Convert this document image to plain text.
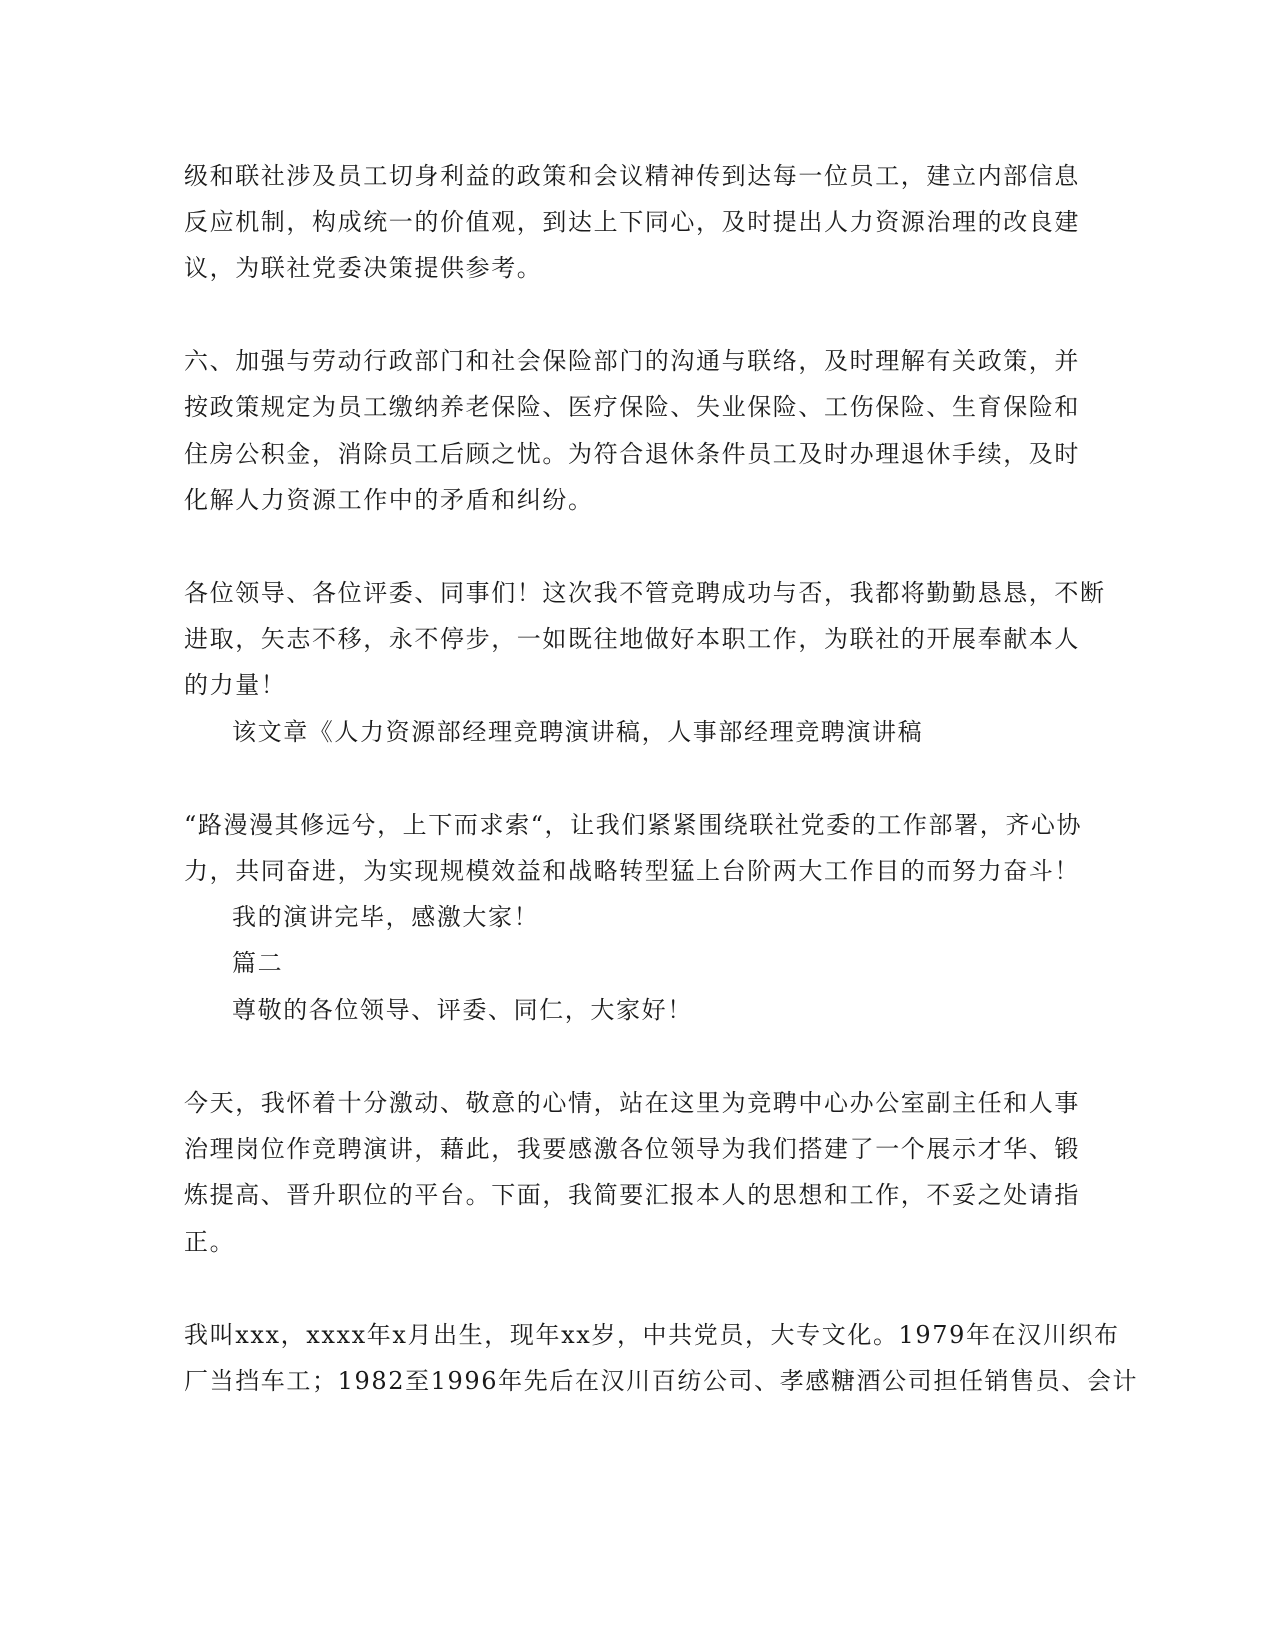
级和联社涉及员工切身利益的政策和会议精神传到达每一位员工，建立内部信息
反应机制，构成统一的价值观，到达上下同心，及时提出人力资源治理的改良建
议，为联社党委决策提供参考。
六、加强与劳动行政部门和社会保险部门的沟通与联络，及时理解有关政策，并
按政策规定为员工缴纳养老保险、医疗保险、失业保险、工伤保险、生育保险和
住房公积金，消除员工后顾之忧。为符合退休条件员工及时办理退休手续，及时
化解人力资源工作中的矛盾和纠纷。
各位领导、各位评委、同事们！这次我不管竞聘成功与否，我都将勤勤恳恳，不断
进取，矢志不移，永不停步，一如既往地做好本职工作，为联社的开展奉献本人
的力量！
该文章《人力资源部经理竞聘演讲稿，人事部经理竞聘演讲稿
“路漫漫其修远兮，上下而求索“，让我们紧紧围绕联社党委的工作部署，齐心协
力，共同奋进，为实现规模效益和战略转型猛上台阶两大工作目的而努力奋斗！
我的演讲完毕，感激大家！
篇二
尊敬的各位领导、评委、同仁，大家好！
今天，我怀着十分激动、敬意的心情，站在这里为竞聘中心办公室副主任和人事
治理岗位作竞聘演讲，藉此，我要感激各位领导为我们搭建了一个展示才华、锻
炼提高、晋升职位的平台。下面，我简要汇报本人的思想和工作，不妥之处请指
正。
我叫xxx，xxxx年x月出生，现年xx岁，中共党员，大专文化。1979年在汉川织布
厂当挡车工；1982至1996年先后在汉川百纺公司、孝感糖酒公司担任销售员、会计
